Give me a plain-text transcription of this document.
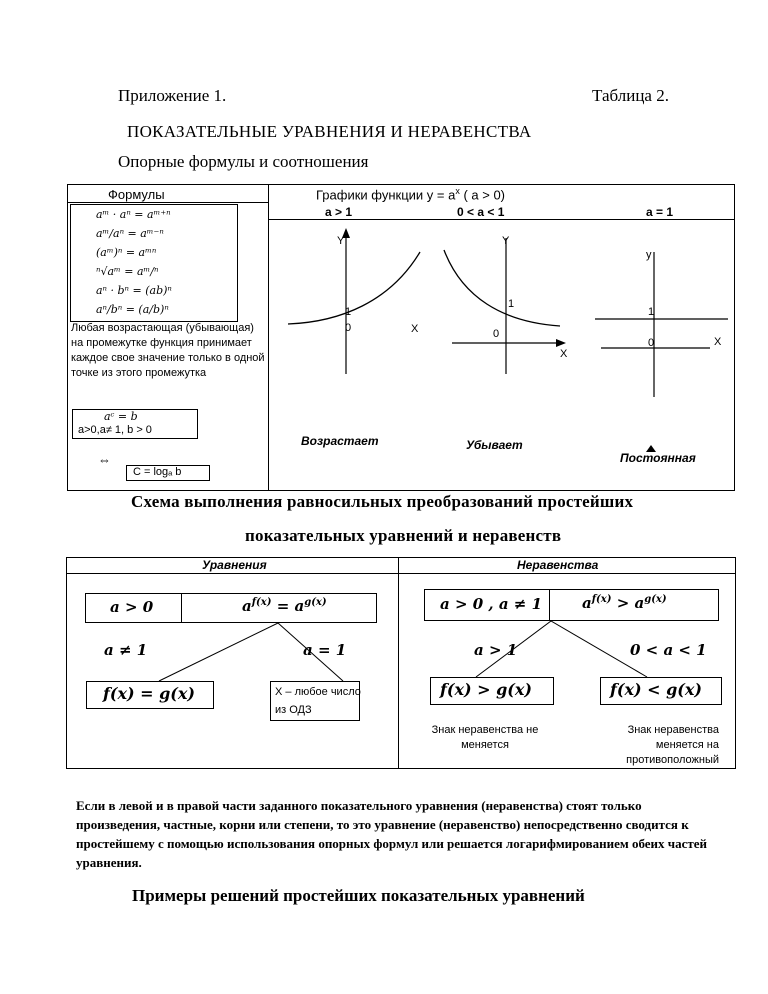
Приложение 1.	Таблица 2.
ПОКАЗАТЕЛЬНЫЕ УРАВНЕНИЯ И НЕРАВЕНСТВА
Опорные формулы и соотношения
Формулы	Графики функции $у = a^x$ ( a > 0)
aᵐ · aⁿ = aᵐ⁺ⁿ
aᵐ/aⁿ = aᵐ⁻ⁿ
(aᵐ)ⁿ = aᵐⁿ
ⁿ√aᵐ = aᵐ/ⁿ
aⁿ · bⁿ = (ab)ⁿ
aⁿ/bⁿ = (a/b)ⁿ
Любая возрастающая (убывающая) на промежутке функция принимает каждое свое значение только в одной точке из этого промежутка
aᶜ = b
a>0,a≠ 1, b > 0
⇔
C = logₐ b
a > 1	0 < a < 1	a = 1
Y
1
0	X
Возрастает
Y
1
0
X
Убывает
y
1
0	X
Постоянная
Схема выполнения равносильных преобразований простейших
показательных уравнений и неравенств
Уравнения	Неравенства
a > 0	$a^{f(x)} = a^{g(x)}$
a ≠ 1	a = 1
f(x) = g(x)	X – любое число из ОДЗ
a > 0 , a ≠ 1	$a^{f(x)} > a^{g(x)}$
a > 1	0 < a < 1
f(x) > g(x)	f(x) < g(x)
Знак неравенства не меняется
Знак неравенства меняется на противоположный
Если в левой и в правой части заданного показательного уравнения (неравенства) стоят только произведения, частные, корни или степени, то это уравнение (неравенство) непосредственно сводится к простейшему с помощью использования опорных формул или решается логарифмированием обеих частей уравнения.
Примеры решений простейших показательных уравнений
